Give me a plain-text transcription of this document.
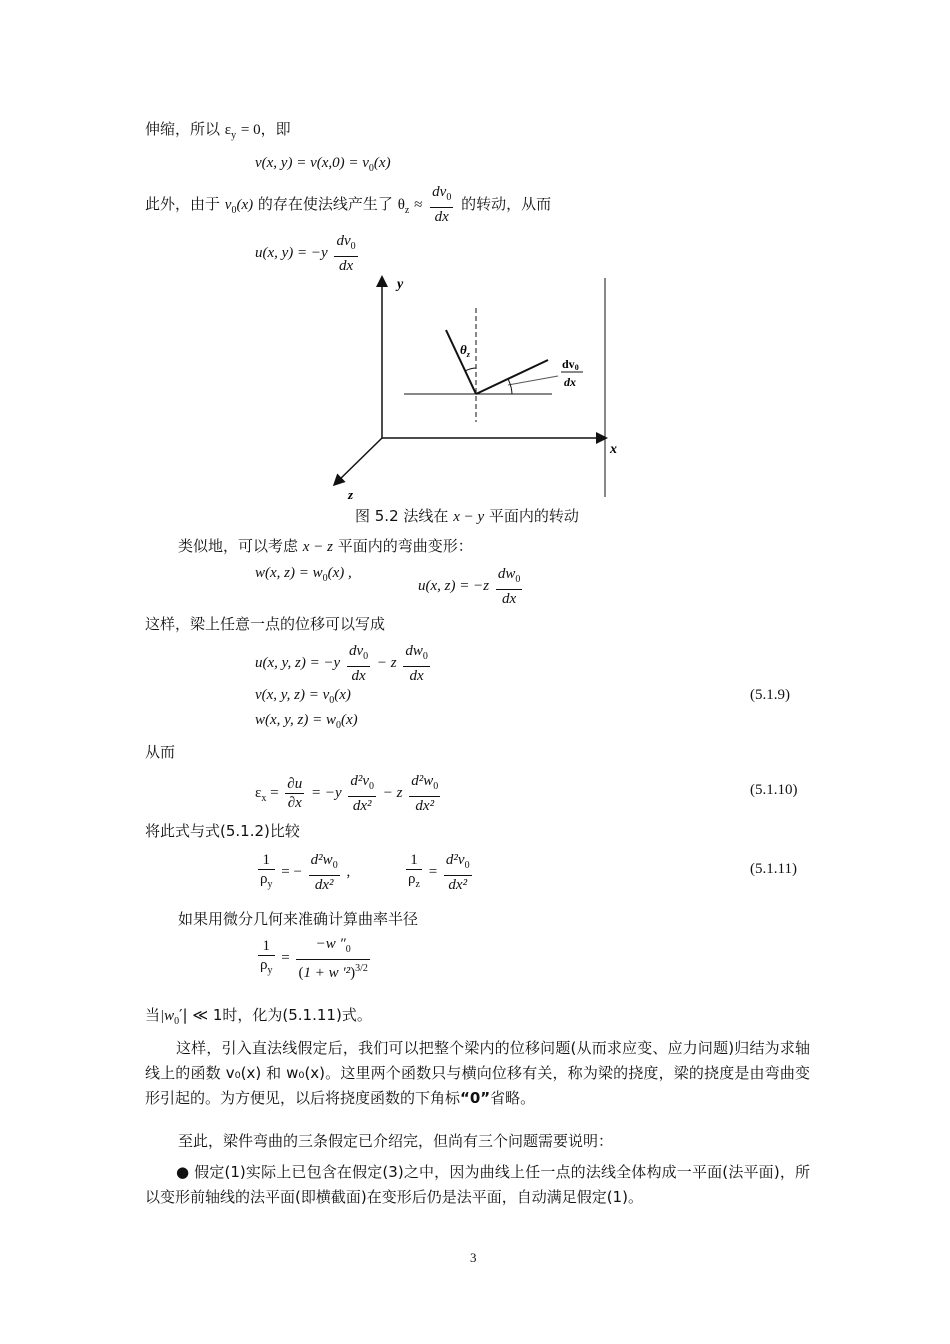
伸缩，所以 $\varepsilon_y = 0$，即
v(x, $y) = v(x,0) = v_0(x)$
此外，由于 $v_0(x)$ 的存在使法线产生了 $\theta_z \approx \frac{dv_0}{dx}$ 的转动，从而
u(x, $y) = -y \frac{dv_0}{dx}$
y
x
z
$\theta_z$
dv0
dx
图 5.2 法线在 x − y 平面内的转动
类似地，可以考虑 x − z 平面内的弯曲变形：
w(x, $z) = w_0(x)$ ,
u(x, $z) = -z \frac{dw_0}{dx}$
这样，梁上任意一点的位移可以写成
u(x, y, $z) = -y \frac{dv_0}{dx} - z \frac{dw_0}{dx}$
v(x, y, $z) = v_0(x)$	(5.1.9)
w(x, y, $z) = w_0(x)$
从而
$\varepsilon_x = \frac{\partial u}{\partial x} = -y \frac{d^2v_0}{\text{dx²}} - z \frac{d^2w_0}{\text{dx²}}$	(5.1.10)
将此式与式(5.1.2)比较
$\frac{1}{\rho_y}$ = − $\frac{d^2w_0}{\text{dx²}}$ ,	$\frac{1}{\rho_z} = \frac{d^2v_0}{\text{dx²}}$	(5.1.11)
如果用微分几何来准确计算曲率半径
$\frac{1}{\rho_y} = \frac{-w ''_0}{(1 + w '^2)^{3/2}}$
当$|w_0'|$ ≪ 1时，化为(5.1.11)式。
这样，引入直法线假定后，我们可以把整个梁内的位移问题(从而求应变、应力问题)归结为求轴线上的函数 v₀(x) 和 w₀(x)。这里两个函数只与横向位移有关，称为梁的挠度，梁的挠度是由弯曲变形引起的。为方便见，以后将挠度函数的下角标“0”省略。
至此，梁件弯曲的三条假定已介绍完，但尚有三个问题需要说明：
● 假定(1)实际上已包含在假定(3)之中，因为曲线上任一点的法线全体构成一平面(法平面)，所以变形前轴线的法平面(即横截面)在变形后仍是法平面，自动满足假定(1)。
3
